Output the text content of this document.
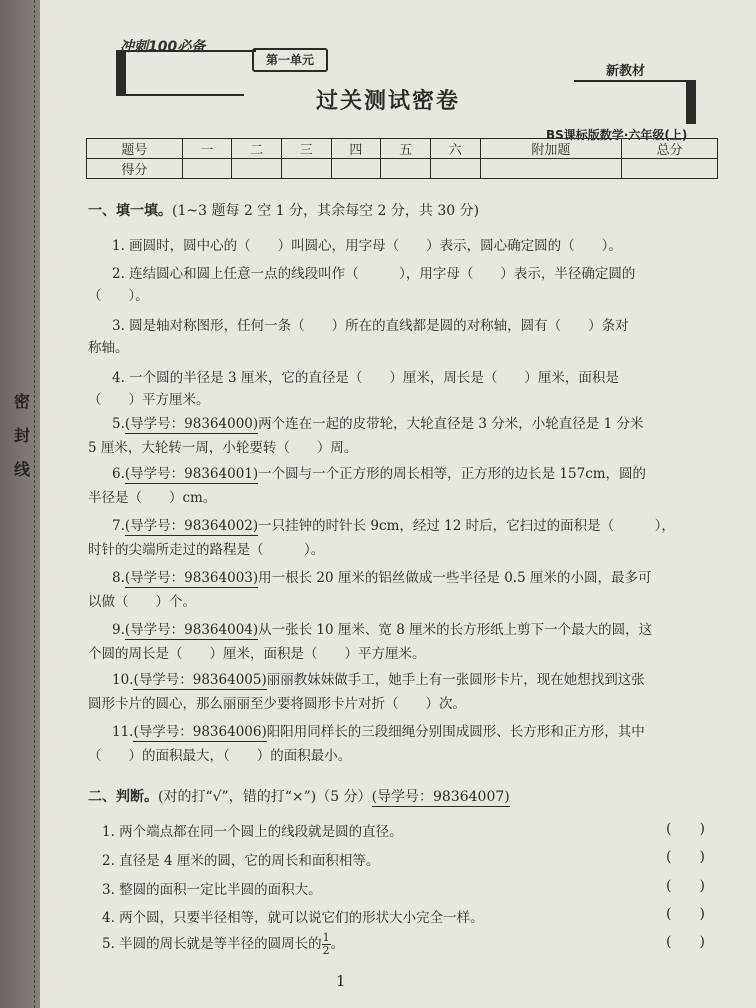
密封线
冲刺100必备
第一单元
过关测试密卷
新教材
BS课标版数学·六年级(上)
题号	一	二	三	四	五	六	附加题	总分
得分								
一、填一填。(1~3 题每 2 空 1 分，其余每空 2 分，共 30 分)
1. 画圆时，圆中心的（　　）叫圆心，用字母（　　）表示，圆心确定圆的（　　）。
2. 连结圆心和圆上任意一点的线段叫作（　　　），用字母（　　）表示，半径确定圆的
（　　）。
3. 圆是轴对称图形，任何一条（　　）所在的直线都是圆的对称轴，圆有（　　）条对
称轴。
4. 一个圆的半径是 3 厘米，它的直径是（　　）厘米，周长是（　　）厘米，面积是
（　　）平方厘米。
5.(导学号：98364000)两个连在一起的皮带轮，大轮直径是 3 分米，小轮直径是 1 分米
5 厘米，大轮转一周，小轮要转（　　）周。
6.(导学号：98364001)一个圆与一个正方形的周长相等，正方形的边长是 157cm，圆的
半径是（　　）cm。
7.(导学号：98364002)一只挂钟的时针长 9cm，经过 12 时后，它扫过的面积是（　　　），
时针的尖端所走过的路程是（　　　）。
8.(导学号：98364003)用一根长 20 厘米的铝丝做成一些半径是 0.5 厘米的小圆，最多可
以做（　　）个。
9.(导学号：98364004)从一张长 10 厘米、宽 8 厘米的长方形纸上剪下一个最大的圆，这
个圆的周长是（　　）厘米，面积是（　　）平方厘米。
10.(导学号：98364005)丽丽教妹妹做手工，她手上有一张圆形卡片，现在她想找到这张
圆形卡片的圆心，那么丽丽至少要将圆形卡片对折（　　）次。
11.(导学号：98364006)阳阳用同样长的三段细绳分别围成圆形、长方形和正方形，其中
（　　）的面积最大，（　　）的面积最小。
二、判断。(对的打“√”，错的打“×”)（5 分）(导学号：98364007)
1. 两个端点都在同一个圆上的线段就是圆的直径。	(　　)
2. 直径是 4 厘米的圆，它的周长和面积相等。	(　　)
3. 整圆的面积一定比半圆的面积大。	(　　)
4. 两个圆，只要半径相等，就可以说它们的形状大小完全一样。	(　　)
5. 半圆的周长就是等半径的圆周长的 $\frac{1}{2}$ 。	(　　)
1
